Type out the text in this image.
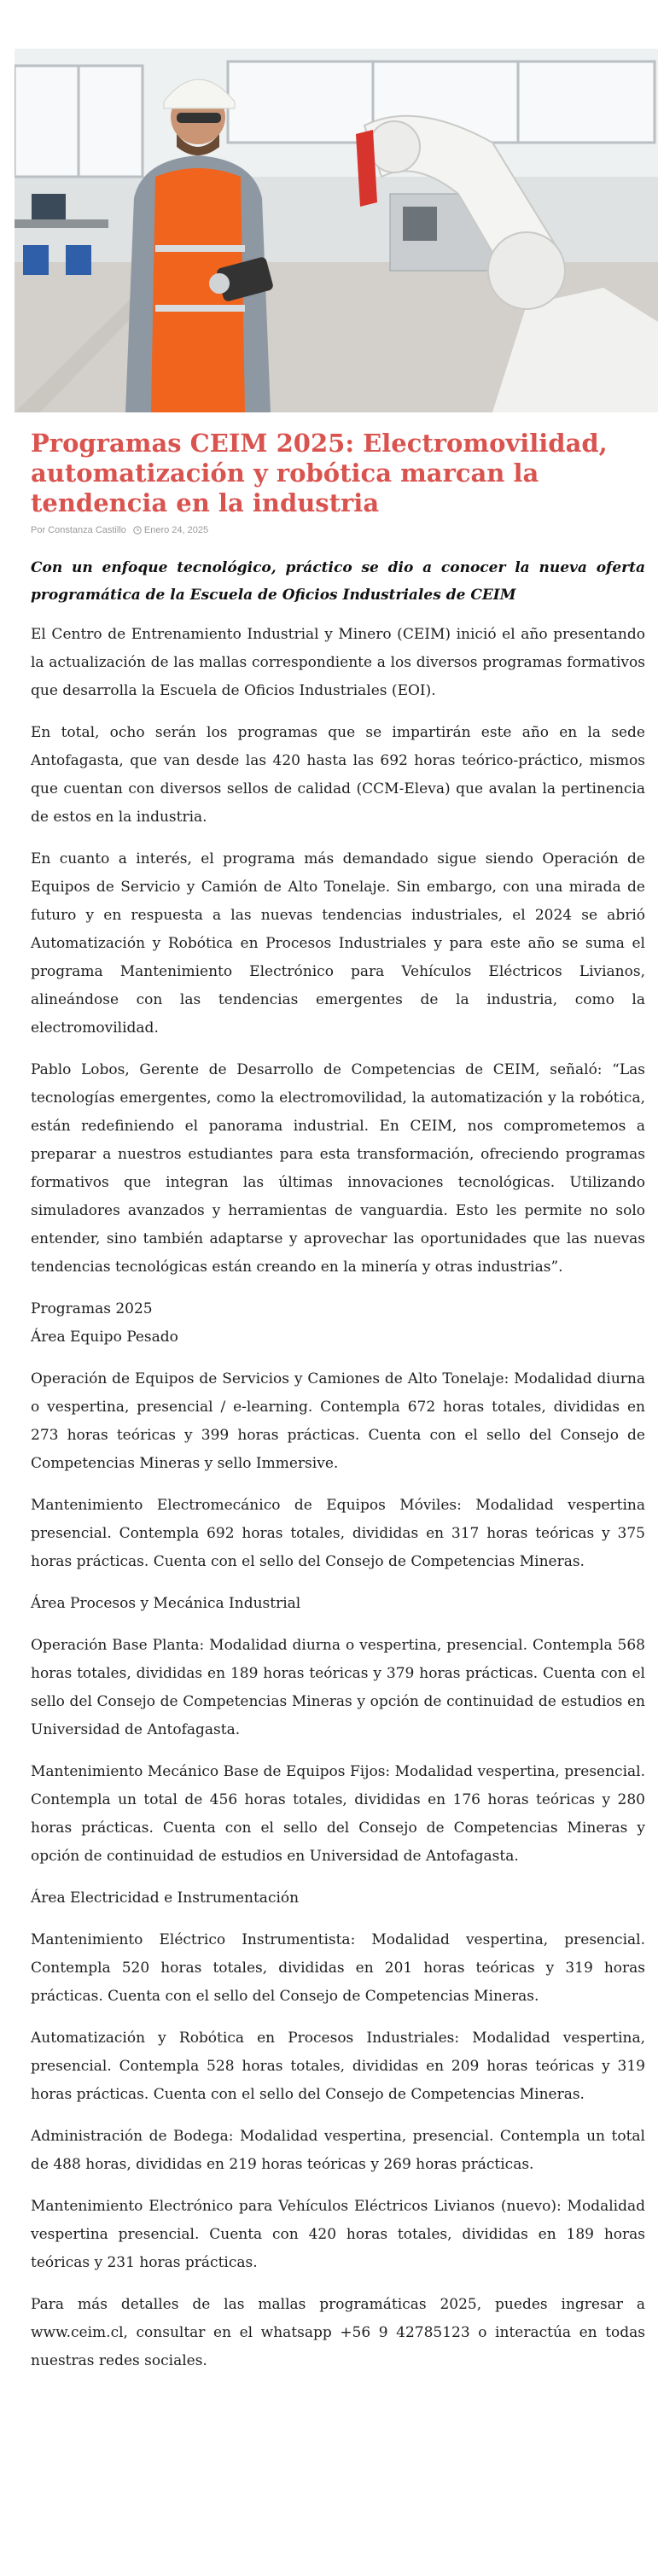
Programas CEIM 2025: Electromovilidad, automatización y robótica marcan la tendencia en la industria
Por Constanza Castillo Enero 24, 2025

Con un enfoque tecnológico, práctico se dio a conocer la nueva oferta programática de la Escuela de Oficios Industriales de CEIM

El Centro de Entrenamiento Industrial y Minero (CEIM) inició el año presentando la actualización de las mallas correspondiente a los diversos programas formativos que desarrolla la Escuela de Oficios Industriales (EOI).

En total, ocho serán los programas que se impartirán este año en la sede Antofagasta, que van desde las 420 hasta las 692 horas teórico-práctico, mismos que cuentan con diversos sellos de calidad (CCM-Eleva) que avalan la pertinencia de estos en la industria.

En cuanto a interés, el programa más demandado sigue siendo Operación de Equipos de Servicio y Camión de Alto Tonelaje. Sin embargo, con una mirada de futuro y en respuesta a las nuevas tendencias industriales, el 2024 se abrió Automatización y Robótica en Procesos Industriales y para este año se suma el programa Mantenimiento Electrónico para Vehículos Eléctricos Livianos, alineándose con las tendencias emergentes de la industria, como la electromovilidad.

Pablo Lobos, Gerente de Desarrollo de Competencias de CEIM, señaló: “Las tecnologías emergentes, como la electromovilidad, la automatización y la robótica, están redefiniendo el panorama industrial. En CEIM, nos comprometemos a preparar a nuestros estudiantes para esta transformación, ofreciendo programas formativos que integran las últimas innovaciones tecnológicas. Utilizando simuladores avanzados y herramientas de vanguardia. Esto les permite no solo entender, sino también adaptarse y aprovechar las oportunidades que las nuevas tendencias tecnológicas están creando en la minería y otras industrias”.

Programas 2025

Área Equipo Pesado

Operación de Equipos de Servicios y Camiones de Alto Tonelaje: Modalidad diurna o vespertina, presencial / e-learning. Contempla 672 horas totales, divididas en 273 horas teóricas y 399 horas prácticas. Cuenta con el sello del Consejo de Competencias Mineras y sello Immersive.

Mantenimiento Electromecánico de Equipos Móviles: Modalidad vespertina presencial. Contempla 692 horas totales, divididas en 317 horas teóricas y 375 horas prácticas. Cuenta con el sello del Consejo de Competencias Mineras.

Área Procesos y Mecánica Industrial

Operación Base Planta: Modalidad diurna o vespertina, presencial. Contempla 568 horas totales, divididas en 189 horas teóricas y 379 horas prácticas. Cuenta con el sello del Consejo de Competencias Mineras y opción de continuidad de estudios en Universidad de Antofagasta.

Mantenimiento Mecánico Base de Equipos Fijos: Modalidad vespertina, presencial. Contempla un total de 456 horas totales, divididas en 176 horas teóricas y 280 horas prácticas. Cuenta con el sello del Consejo de Competencias Mineras y opción de continuidad de estudios en Universidad de Antofagasta.

Área Electricidad e Instrumentación

Mantenimiento Eléctrico Instrumentista: Modalidad vespertina, presencial. Contempla 520 horas totales, divididas en 201 horas teóricas y 319 horas prácticas. Cuenta con el sello del Consejo de Competencias Mineras.

Automatización y Robótica en Procesos Industriales: Modalidad vespertina, presencial. Contempla 528 horas totales, divididas en 209 horas teóricas y 319 horas prácticas. Cuenta con el sello del Consejo de Competencias Mineras.

Administración de Bodega: Modalidad vespertina, presencial. Contempla un total de 488 horas, divididas en 219 horas teóricas y 269 horas prácticas.

Mantenimiento Electrónico para Vehículos Eléctricos Livianos (nuevo): Modalidad vespertina presencial. Cuenta con 420 horas totales, divididas en 189 horas teóricas y 231 horas prácticas.

Para más detalles de las mallas programáticas 2025, puedes ingresar a www.ceim.cl, consultar en el whatsapp +56 9 42785123 o interactúa en todas nuestras redes sociales.
